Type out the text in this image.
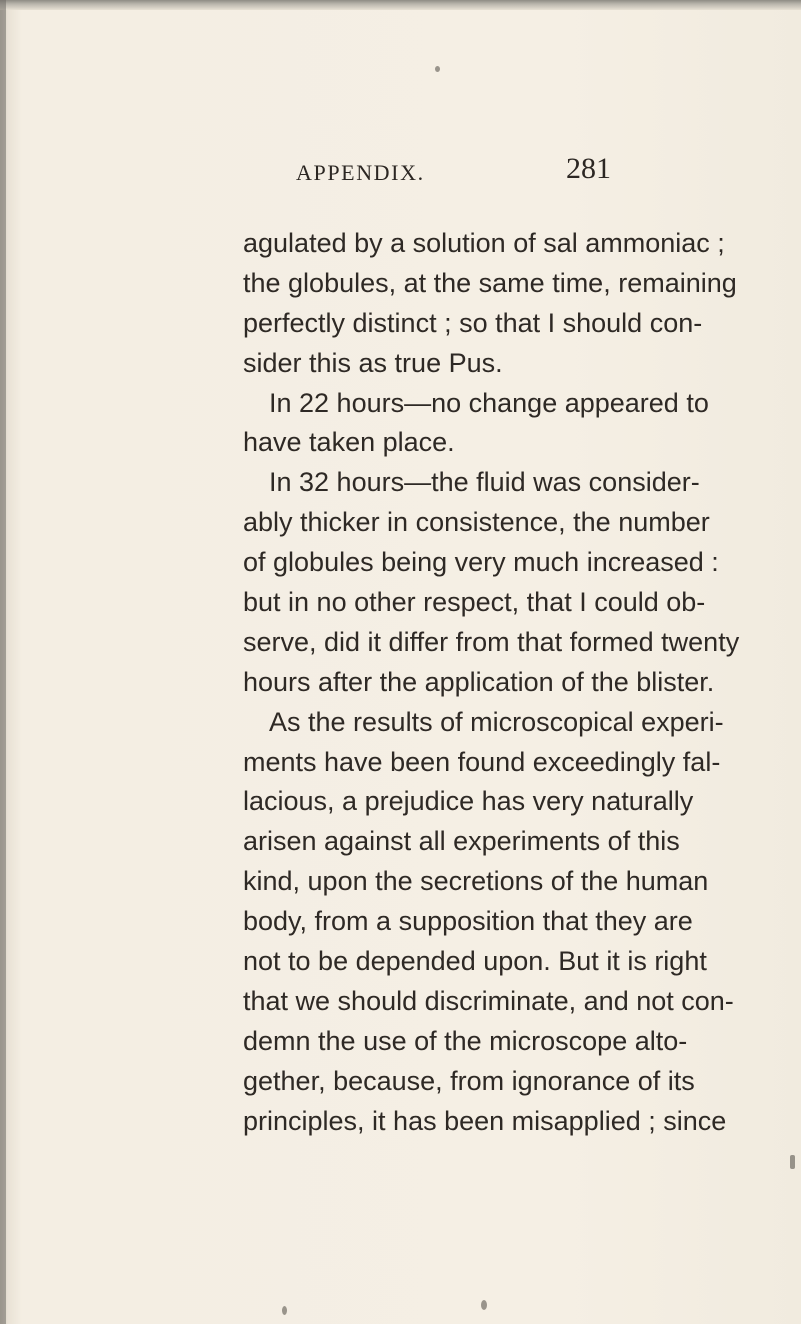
APPENDIX.	281
agulated by a solution of sal ammoniac ;
the globules, at the same time, remaining
perfectly distinct ; so that I should con-
sider this as true Pus.
In 22 hours—no change appeared to
have taken place.
In 32 hours—the fluid was consider-
ably thicker in consistence, the number
of globules being very much increased :
but in no other respect, that I could ob-
serve, did it differ from that formed twenty
hours after the application of the blister.
As the results of microscopical experi-
ments have been found exceedingly fal-
lacious, a prejudice has very naturally
arisen against all experiments of this
kind, upon the secretions of the human
body, from a supposition that they are
not to be depended upon. But it is right
that we should discriminate, and not con-
demn the use of the microscope alto-
gether, because, from ignorance of its
principles, it has been misapplied ; since
